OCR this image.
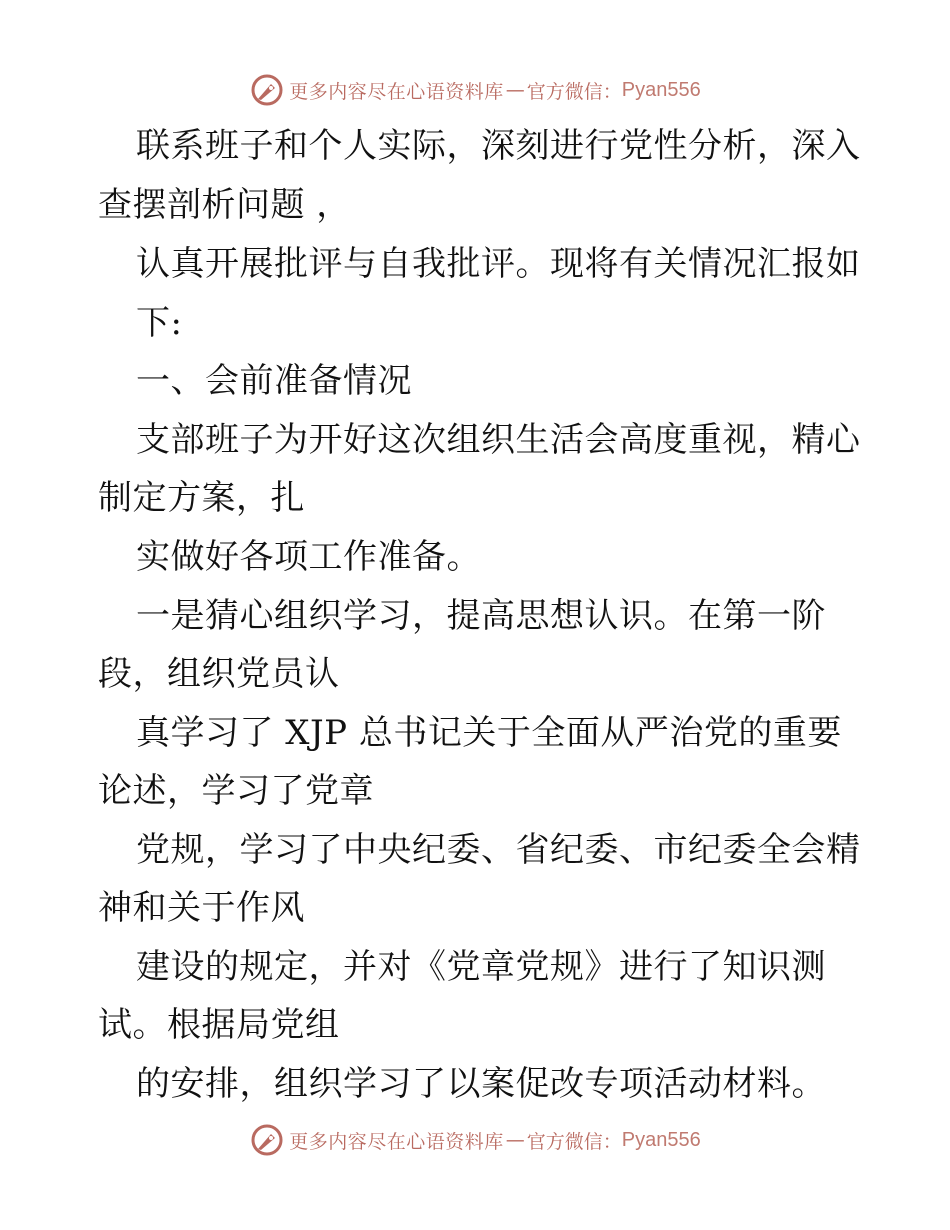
更多内容尽在心语资料库 — 官方微信： Pyan556
联系班子和个人实际，深刻进行党性分析，深入
查摆剖析问题 ，
认真开展批评与自我批评。现将有关情况汇报如
下:
一、会前准备情况
支部班子为开好这次组织生活会高度重视，精心
制定方案，扎
实做好各项工作准备。
一是猜心组织学习，提高思想认识。在第一阶
段，组织党员认
真学习了 XJP 总书记关于全面从严治党的重要
论述，学习了党章
党规，学习了中央纪委、省纪委、市纪委全会精
神和关于作风
建设的规定，并对《党章党规》进行了知识测
试。根据局党组
的安排，组织学习了以案促改专项活动材料。
更多内容尽在心语资料库 — 官方微信： Pyan556
